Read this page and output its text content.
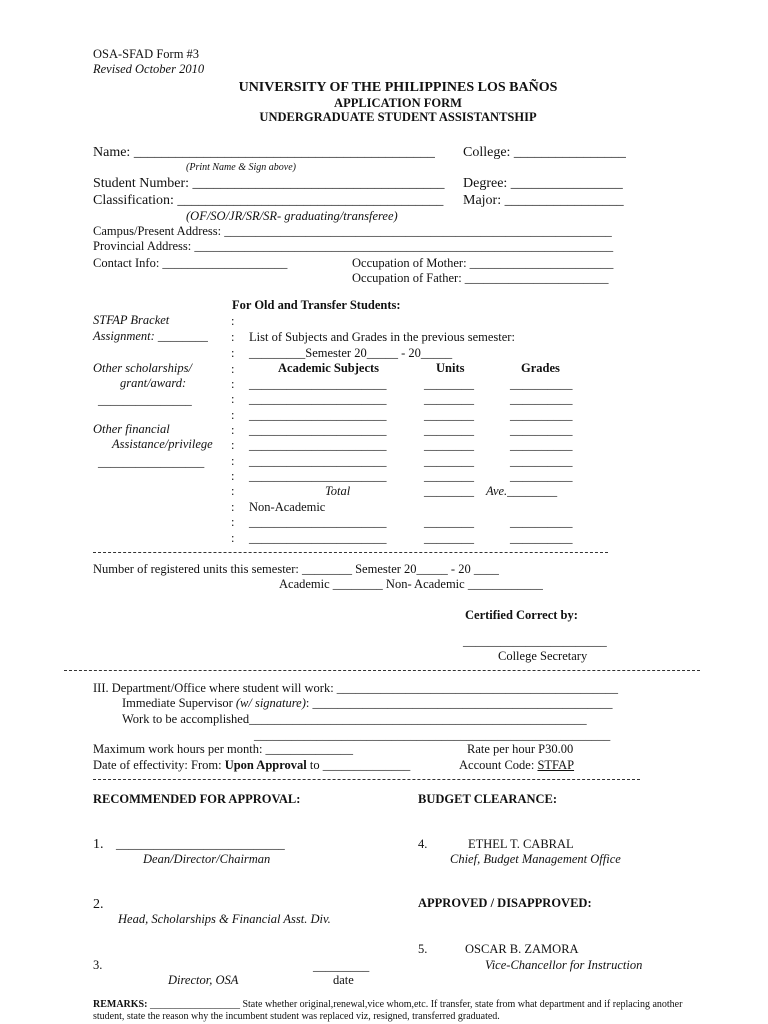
OSA-SFAD Form #3
Revised October 2010
UNIVERSITY OF THE PHILIPPINES LOS BAÑOS
APPLICATION FORM
UNDERGRADUATE STUDENT ASSISTANTSHIP
Name: ___________________________________________ College: ________________
(Print Name & Sign above)
Student Number: ____________________________________ Degree: ________________
Classification: ______________________________________ Major: _________________
(OF/SO/JR/SR/SR- graduating/transferee)
Campus/Present Address: ______________________________________________________________
Provincial Address: ___________________________________________________________________
Contact Info: ____________________	Occupation of Mother: _______________________
Occupation of Father: _______________________
For Old and Transfer Students:
STFAP Bracket
Assignment: ________
Other scholarships/
grant/award:
_______________
Other financial
Assistance/privilege
_________________
:
:
:
:
:
:
:
:
:
:
:
:
:
:
:
List of Subjects and Grades in the previous semester:
_________Semester 20_____ - 20_____
Academic Subjects	Units	Grades
______________________	________	__________
______________________	________	__________
______________________	________	__________
______________________	________	__________
______________________	________	__________
______________________	________	__________
______________________	________	__________
Total	________ Ave.________
Non-Academic
______________________	________	__________
______________________	________	__________
Number of registered units this semester: ________ Semester 20_____ - 20 ____
Academic ________ Non- Academic ____________
Certified Correct by:
_______________________
College Secretary
III. Department/Office where student will work: _____________________________________________
Immediate Supervisor (w/ signature): ________________________________________________
Work to be accomplished______________________________________________________
_________________________________________________________
Maximum work hours per month: ______________	Rate per hour P30.00
Date of effectivity: From: Upon Approval to ______________	Account Code: STFAP
RECOMMENDED FOR APPROVAL:	BUDGET CLEARANCE:
1. ___________________________
Dean/Director/Chairman
4.	ETHEL T. CABRAL
Chief, Budget Management Office
2.
Head, Scholarships & Financial Asst. Div.
APPROVED / DISAPPROVED:
5.	OSCAR B. ZAMORA
Vice-Chancellor for Instruction
3.	_________
Director, OSA	date
REMARKS: __________________ State whether original,renewal,vice whom,etc. If transfer, state from what department and if replacing another
student, state the reason why the incumbent student was replaced viz, resigned, transferred graduated.
